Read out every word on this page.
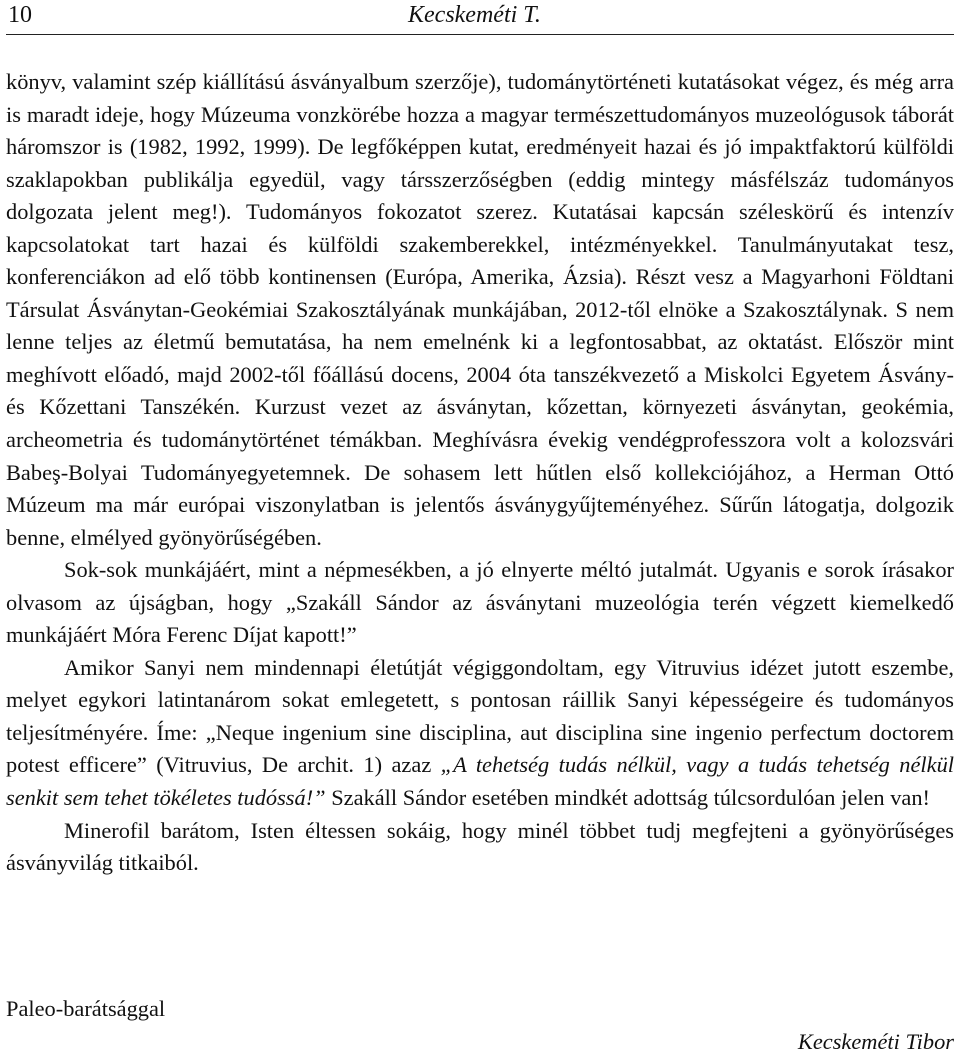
10	Kecskeméti T.

könyv, valamint szép kiállítású ásványalbum szerzője), tudománytörténeti kutatásokat végez, és még arra is maradt ideje, hogy Múzeuma vonzkörébe hozza a magyar természettudományos muzeológusok táborát háromszor is (1982, 1992, 1999). De legfőképpen kutat, eredményeit hazai és jó impaktfaktorú külföldi szaklapokban publikálja egyedül, vagy társszerzőségben (eddig mintegy másfélszáz tudományos dolgozata jelent meg!). Tudományos fokozatot szerez. Kutatásai kapcsán széleskörű és intenzív kapcsolatokat tart hazai és külföldi szakemberekkel, intézményekkel. Tanulmányutakat tesz, konferenciákon ad elő több kontinensen (Európa, Amerika, Ázsia). Részt vesz a Magyarhoni Földtani Társulat Ásványtan-Geokémiai Szakosztályának munkájában, 2012-től elnöke a Szakosztálynak. S nem lenne teljes az életmű bemutatása, ha nem emelnénk ki a legfontosabbat, az oktatást. Először mint meghívott előadó, majd 2002-től főállású docens, 2004 óta tanszékvezető a Miskolci Egyetem Ásvány- és Kőzettani Tanszékén. Kurzust vezet az ásványtan, kőzettan, környezeti ásványtan, geokémia, archeometria és tudománytörténet témákban. Meghívásra évekig vendégprofesszora volt a kolozsvári Babeş-Bolyai Tudományegyetemnek. De sohasem lett hűtlen első kollekciójához, a Herman Ottó Múzeum ma már európai viszonylatban is jelentős ásványgyűjteményéhez. Sűrűn látogatja, dolgozik benne, elmélyed gyönyörűségében.

Sok-sok munkájáért, mint a népmesékben, a jó elnyerte méltó jutalmát. Ugyanis e sorok írásakor olvasom az újságban, hogy „Szakáll Sándor az ásványtani muzeológia terén végzett kiemelkedő munkájáért Móra Ferenc Díjat kapott!”

Amikor Sanyi nem mindennapi életútját végiggondoltam, egy Vitruvius idézet jutott eszembe, melyet egykori latintanárom sokat emlegetett, s pontosan ráillik Sanyi képességeire és tudományos teljesítményére. Íme: „Neque ingenium sine disciplina, aut disciplina sine ingenio perfectum doctorem potest efficere” (Vitruvius, De archit. 1) azaz „A tehetség tudás nélkül, vagy a tudás tehetség nélkül senkit sem tehet tökéletes tudóssá!” Szakáll Sándor esetében mindkét adottság túlcsordulóan jelen van!

Minerofil barátom, Isten éltessen sokáig, hogy minél többet tudj megfejteni a gyönyörűséges ásványvilág titkaiból.

Paleo-barátsággal
Kecskeméti Tibor
